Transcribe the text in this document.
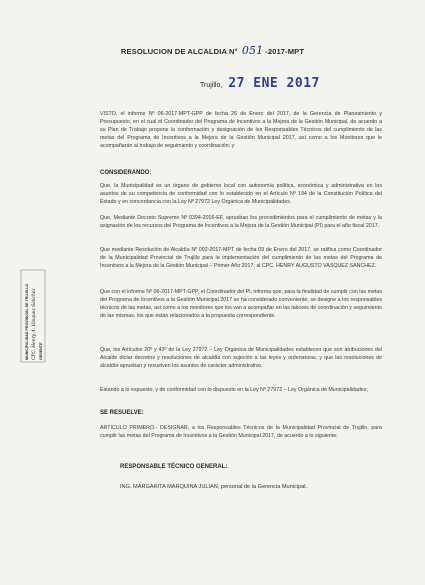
RESOLUCION DE ALCALDIA N° 051 -2017-MPT
Trujillo, 27 ENE 2017
VISTO, el informe Nº 06-2017-MPT-GPP de fecha 26 de Enero del 2017, de la Gerencia de Planeamiento y Presupuesto, en el cual el Coordinador del Programa de Incentivos a la Mejora de la Gestión Municipal, de acuerdo a su Plan de Trabajo propone la conformación y designación de los Responsables Técnicos del cumplimiento de las metas del Programa de Incentivos a la Mejora de la Gestión Municipal 2017, así como a los Monitores que le acompañarán al trabajo de seguimiento y coordinación; y
CONSIDERANDO:
Que, la Municipalidad es un órgano de gobierno local con autonomía política, económica y administrativa en los asuntos de su competencia de conformidad con lo establecido en el Artículo Nº 194 de la Constitución Política del Estado y en concordancia con la Ley Nº 27972 Ley Orgánica de Municipalidades.
Que, Mediante Decreto Supremo Nº 0394-2016-EF, aprueban los procedimientos para el cumplimiento de metas y la asignación de los recursos del Programa de Incentivos a la Mejora de la Gestión Municipal (PI) para el año fiscal 2017.
Que mediante Resolución de Alcaldía Nº 002-2017-MPT de fecha 09 de Enero del 2017, se ratifica como Coordinador de la Municipalidad Provincial de Trujillo para la implementación del cumplimiento de las metas del Programa de Incentivos a la Mejora de la Gestión Municipal – Primer Año 2017, al CPC. HENRY AUGUSTO VASQUEZ SANCHEZ.
Que con el informe Nº 06-2017-MPT-GPP, el Coordinador del PI, informa que, para la finalidad de cumplir con las metas del Programa de Incentivos a la Gestión Municipal 2017 se ha considerado conveniente, se designe a los responsables técnicos de las metas, así como a los monitores que los van a acompañar en las labores de coordinación y seguimiento de las mismas, los que están relacionados a la propuesta correspondiente.
Que, los Artículos 20º y 43º de la Ley 27972 – Ley Orgánica de Municipalidades establecen que son atribuciones del Alcalde dictar decretos y resoluciones de alcaldía con sujeción a las leyes y ordenanzas, y que las resoluciones de alcaldía aprueban y resuelven los asuntos de carácter administrativo.
Estando a lo expuesto, y de conformidad con lo dispuesto en la Ley Nº 27972 – Ley Orgánica de Municipalidades;
SE RESUELVE:
ARTICULO PRIMERO.- DESIGNAR, a los Responsables Técnicos de la Municipalidad Provincial de Trujillo, para cumplir las metas del Programa de Incentivos a la Gestión Municipal 2017, de acuerdo a lo siguiente:
RESPONSABLE TÉCNICO GENERAL:
ING. MARGARITA MARQUINA JULIAN, personal de la Gerencia Municipal.
MUNICIPALIDAD PROVINCIAL DE TRUJILLO CPC. Henry A. Vásquez Sánchez GERENTE
